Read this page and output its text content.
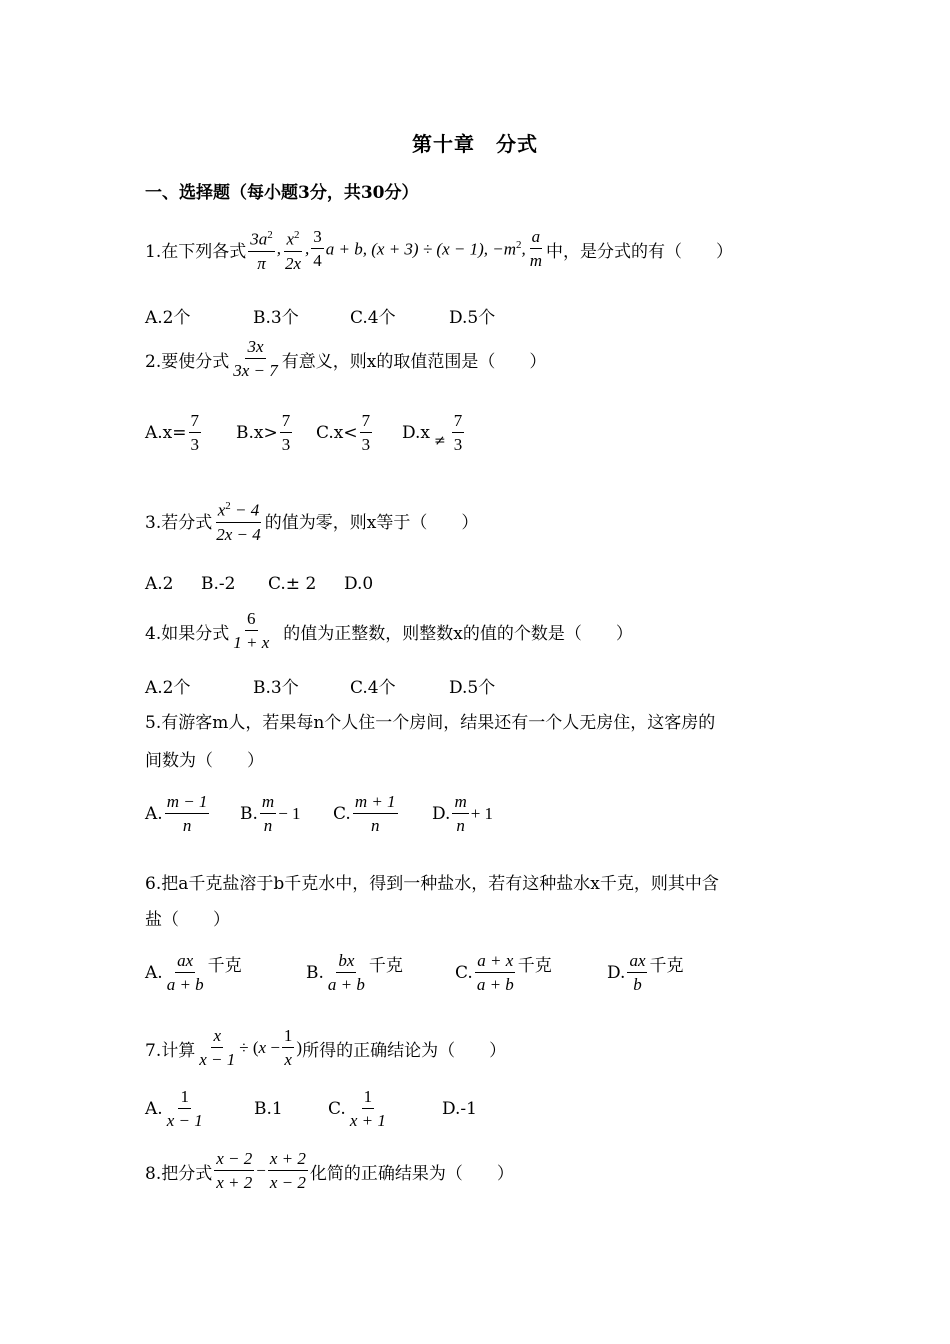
第十章　分式
一、选择题（每小题3分，共30分）
1.在下列各式
$3a^2$
π
,
$x^2$
2x
,
3
4
a + b, (x + 3) ÷ (x − 1), $-m^2$,
a
m 中，是分式的有（　　）
A.2个	B.3个	C.4个	D.5个
2.要使分式
3x
3x − 7 有意义，则x的取值范围是（　　）
$A.x= \frac{7}{3} B.x>$
7
3
C.x<
7
3
D.x ≠
7
3
3.若分式
$x^2 - 4$
2x − 4
的值为零，则x等于（　　）
A.2 B.-2 C.± 2 D.0
4.如果分式
6
1 + x 的值为正整数，则整数x的值的个数是（　　）
A.2个	B.3个	C.4个	D.5个
5.有游客m人，若果每n个人住一个房间，结果还有一个人无房住，这客房的
间数为（　　）
A.
m − 1
n
B.
m
n
− 1 C.
m + 1
n
D.
m
n
+ 1
6.把a千克盐溶于b千克水中，得到一种盐水，若有这种盐水x千克，则其中含
盐（　　）
A.
ax
a + b
千克	B.
bx
a + b
千克	C.
a + x
a + b
千克	D.
ax
b
千克
7.计算 $\frac{x}{x - 1} \div (x - \frac{1}{x}$ ) 所得的正确结论为（　　）
A.
1
x − 1
B.1	C.
1
x + 1
D.-1
8.把分式
x − 2
x + 2
− $\frac{x + 2}{x - 2}$ 化简的正确结果为（　　）
